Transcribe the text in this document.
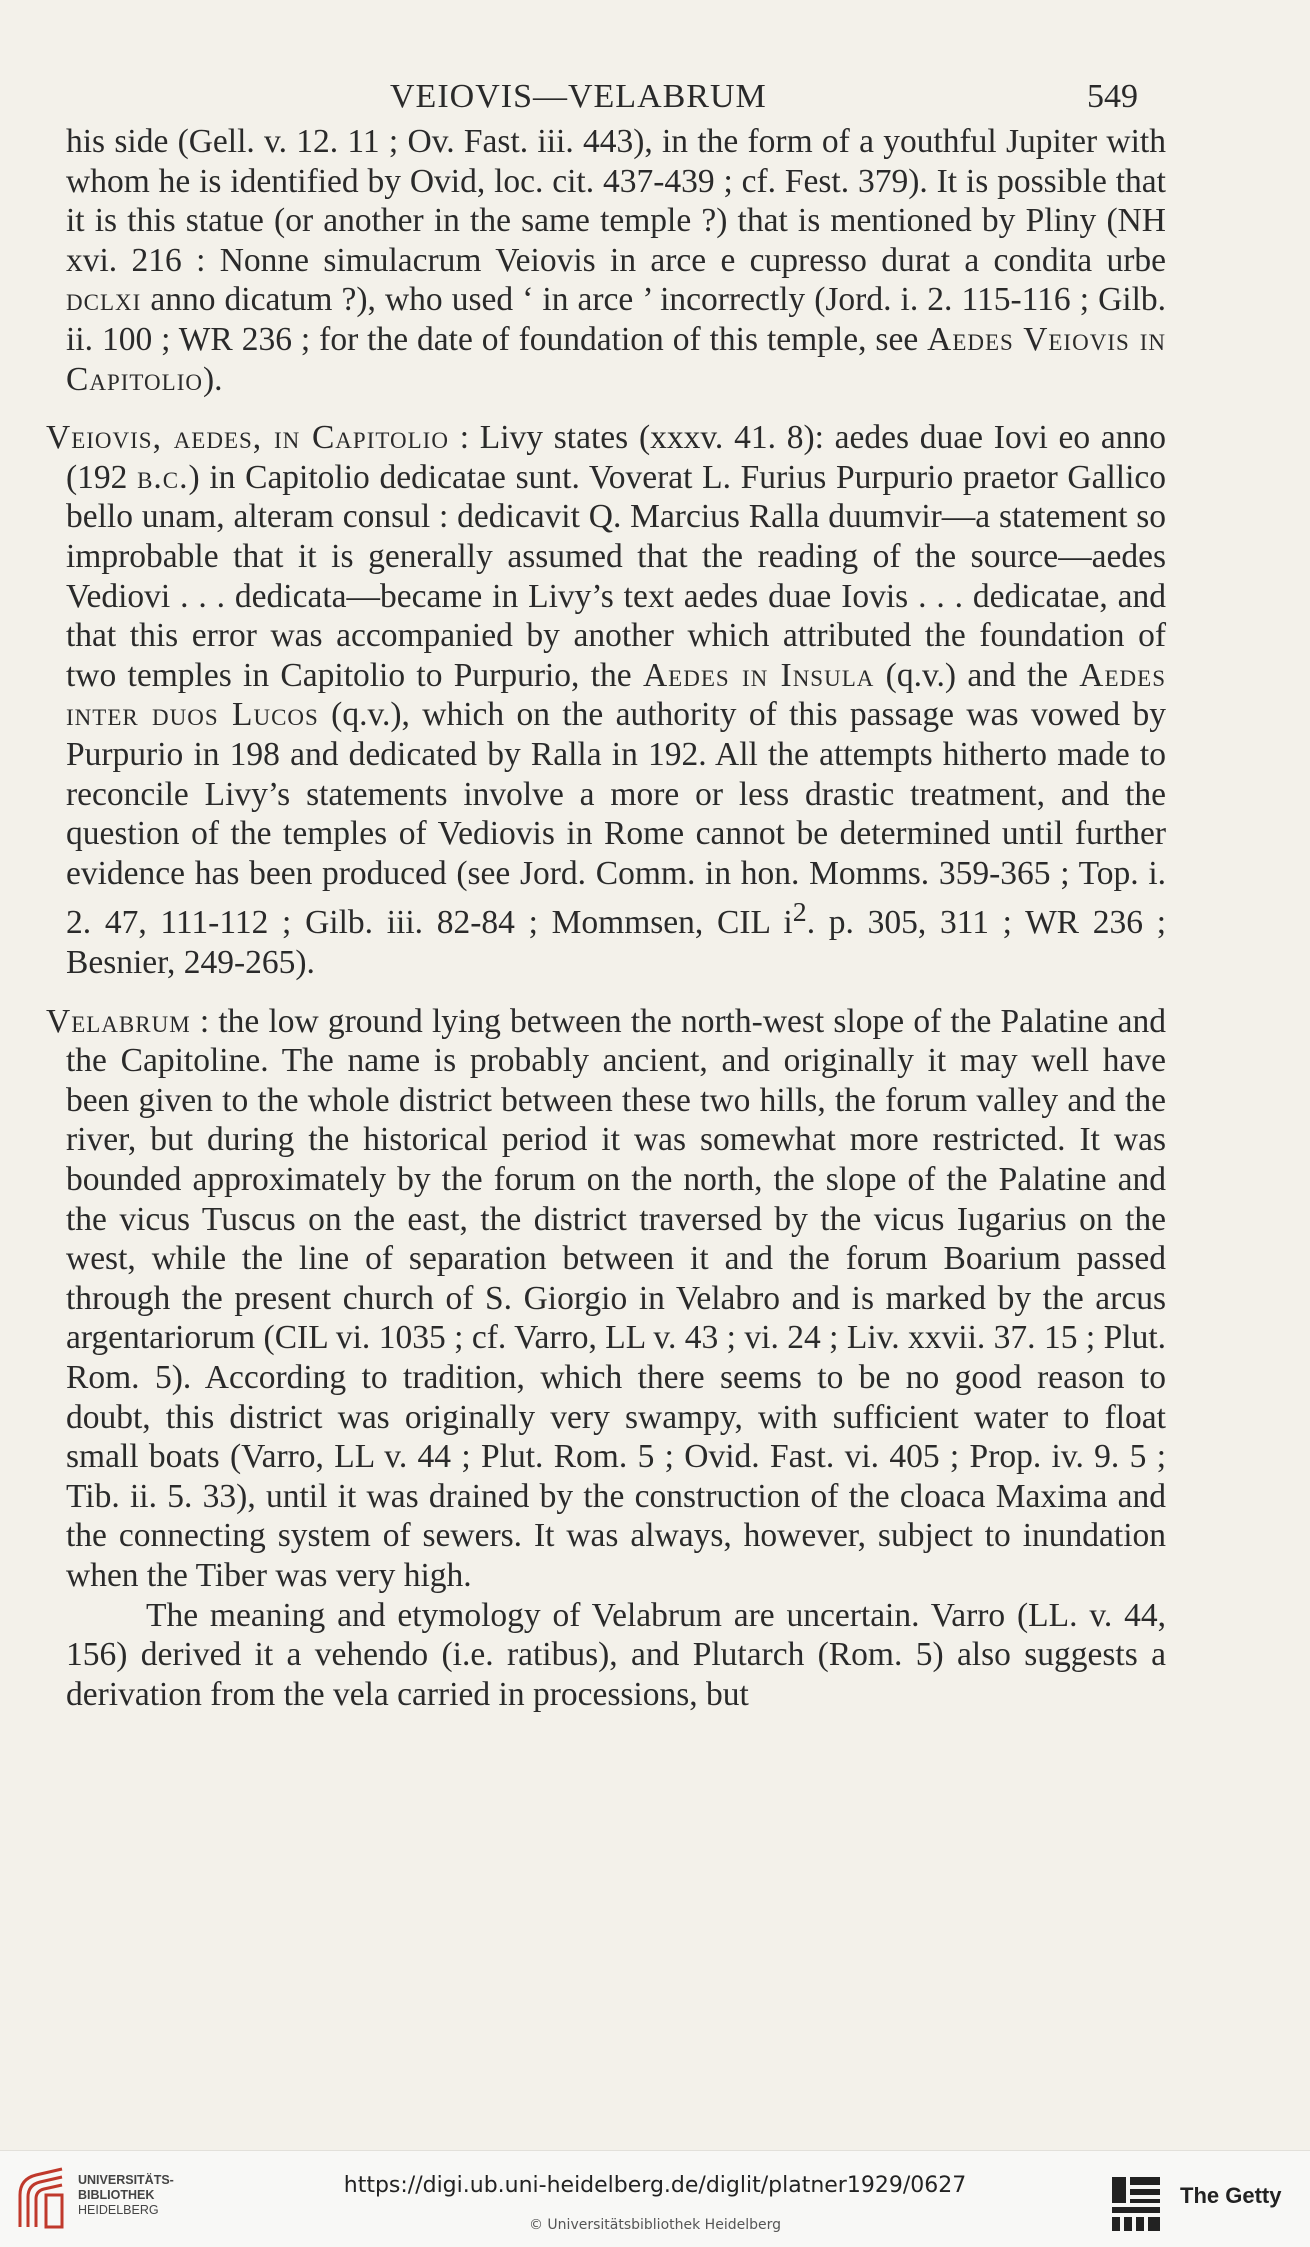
VEIOVIS—VELABRUM	549

his side (Gell. v. 12. 11 ; Ov. Fast. iii. 443), in the form of a youthful Jupiter with whom he is identified by Ovid, loc. cit. 437-439 ; cf. Fest. 379). It is possible that it is this statue (or another in the same temple ?) that is mentioned by Pliny (NH xvi. 216 : Nonne simulacrum Veiovis in arce e cupresso durat a condita urbe dclxi anno dicatum ?), who used ‘ in arce ’ incorrectly (Jord. i. 2. 115-116 ; Gilb. ii. 100 ; WR 236 ; for the date of foundation of this temple, see Aedes Veiovis in Capitolio).

Veiovis, aedes, in Capitolio : Livy states (xxxv. 41. 8): aedes duae Iovi eo anno (192 b.c.) in Capitolio dedicatae sunt. Voverat L. Furius Purpurio praetor Gallico bello unam, alteram consul : dedicavit Q. Marcius Ralla duumvir—a statement so improbable that it is generally assumed that the reading of the source—aedes Vediovi . . . dedicata—became in Livy’s text aedes duae Iovis . . . dedicatae, and that this error was accompanied by another which attributed the foundation of two temples in Capitolio to Purpurio, the Aedes in Insula (q.v.) and the Aedes inter duos Lucos (q.v.), which on the authority of this passage was vowed by Purpurio in 198 and dedicated by Ralla in 192. All the attempts hitherto made to reconcile Livy’s statements involve a more or less drastic treatment, and the question of the temples of Vediovis in Rome cannot be determined until further evidence has been produced (see Jord. Comm. in hon. Momms. 359-365 ; Top. i. 2. 47, 111-112 ; Gilb. iii. 82-84 ; Mommsen, CIL $i^2$. p. 305, 311 ; WR 236 ; Besnier, 249-265).

Velabrum : the low ground lying between the north-west slope of the Palatine and the Capitoline. The name is probably ancient, and originally it may well have been given to the whole district between these two hills, the forum valley and the river, but during the historical period it was somewhat more restricted. It was bounded approximately by the forum on the north, the slope of the Palatine and the vicus Tuscus on the east, the district traversed by the vicus Iugarius on the west, while the line of separation between it and the forum Boarium passed through the present church of S. Giorgio in Velabro and is marked by the arcus argentariorum (CIL vi. 1035 ; cf. Varro, LL v. 43 ; vi. 24 ; Liv. xxvii. 37. 15 ; Plut. Rom. 5). According to tradition, which there seems to be no good reason to doubt, this district was originally very swampy, with sufficient water to float small boats (Varro, LL v. 44 ; Plut. Rom. 5 ; Ovid. Fast. vi. 405 ; Prop. iv. 9. 5 ; Tib. ii. 5. 33), until it was drained by the construction of the cloaca Maxima and the connecting system of sewers. It was always, however, subject to inundation when the Tiber was very high.

The meaning and etymology of Velabrum are uncertain. Varro (LL. v. 44, 156) derived it a vehendo (i.e. ratibus), and Plutarch (Rom. 5) also suggests a derivation from the vela carried in processions, but

UNIVERSITÄTS-
BIBLIOTHEK
HEIDELBERG
https://digi.ub.uni-heidelberg.de/diglit/platner1929/0627
© Universitätsbibliothek Heidelberg
The Getty
